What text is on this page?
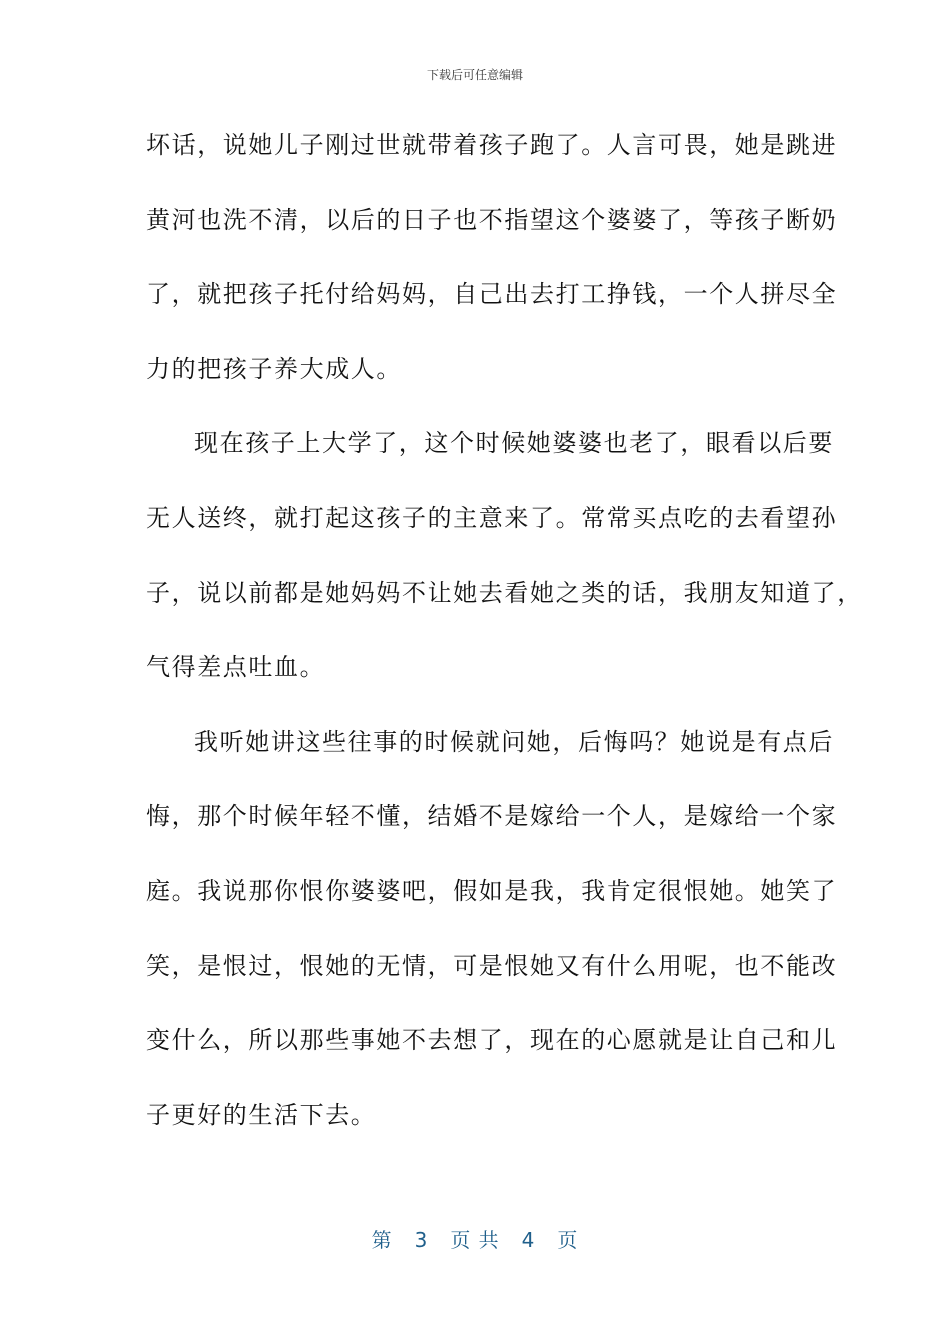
下载后可任意编辑
坏话，说她儿子刚过世就带着孩子跑了。人言可畏，她是跳进
黄河也洗不清，以后的日子也不指望这个婆婆了，等孩子断奶
了，就把孩子托付给妈妈，自己出去打工挣钱，一个人拼尽全
力的把孩子养大成人。
现在孩子上大学了，这个时候她婆婆也老了，眼看以后要
无人送终，就打起这孩子的主意来了。常常买点吃的去看望孙
子，说以前都是她妈妈不让她去看她之类的话，我朋友知道了，
气得差点吐血。
我听她讲这些往事的时候就问她，后悔吗？她说是有点后
悔，那个时候年轻不懂，结婚不是嫁给一个人，是嫁给一个家
庭。我说那你恨你婆婆吧，假如是我，我肯定很恨她。她笑了
笑，是恨过，恨她的无情，可是恨她又有什么用呢，也不能改
变什么，所以那些事她不去想了，现在的心愿就是让自己和儿
子更好的生活下去。
第 3 页 共 4 页
